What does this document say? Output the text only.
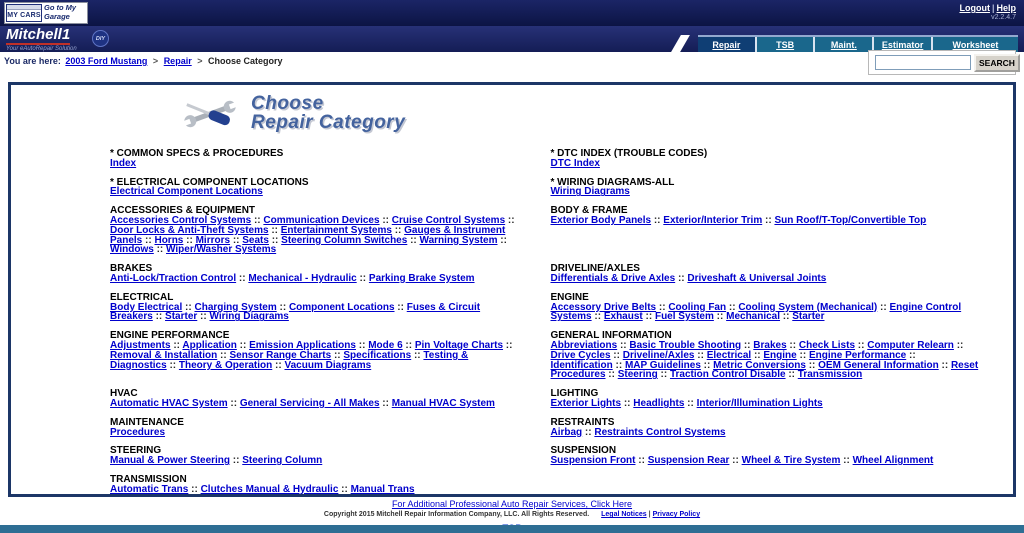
MY CARS
Go to My Garage
Logout | Help
v2.2.4.7
Mitchell1
Your eAutoRepair Solution
DIY
Repair	TSB	Maint.	Estimator	Worksheet
You are here: 2003 Ford Mustang > Repair > Choose Category	SEARCH
Choose
Repair Category
* COMMON SPECS & PROCEDURES
Index
* DTC INDEX (TROUBLE CODES)
DTC Index
* ELECTRICAL COMPONENT LOCATIONS
Electrical Component Locations
* WIRING DIAGRAMS-ALL
Wiring Diagrams
ACCESSORIES & EQUIPMENT
Accessories Control Systems :: Communication Devices :: Cruise Control Systems :: Door Locks & Anti-Theft Systems :: Entertainment Systems :: Gauges & Instrument Panels :: Horns :: Mirrors :: Seats :: Steering Column Switches :: Warning System :: Windows :: Wiper/Washer Systems
BODY & FRAME
Exterior Body Panels :: Exterior/Interior Trim :: Sun Roof/T-Top/Convertible Top
BRAKES
Anti-Lock/Traction Control :: Mechanical - Hydraulic :: Parking Brake System
DRIVELINE/AXLES
Differentials & Drive Axles :: Driveshaft & Universal Joints
ELECTRICAL
Body Electrical :: Charging System :: Component Locations :: Fuses & Circuit Breakers :: Starter :: Wiring Diagrams
ENGINE
Accessory Drive Belts :: Cooling Fan :: Cooling System (Mechanical) :: Engine Control Systems :: Exhaust :: Fuel System :: Mechanical :: Starter
ENGINE PERFORMANCE
Adjustments :: Application :: Emission Applications :: Mode 6 :: Pin Voltage Charts :: Removal & Installation :: Sensor Range Charts :: Specifications :: Testing & Diagnostics :: Theory & Operation :: Vacuum Diagrams
GENERAL INFORMATION
Abbreviations :: Basic Trouble Shooting :: Brakes :: Check Lists :: Computer Relearn :: Drive Cycles :: Driveline/Axles :: Electrical :: Engine :: Engine Performance :: Identification :: MAP Guidelines :: Metric Conversions :: OEM General Information :: Reset Procedures :: Steering :: Traction Control Disable :: Transmission
HVAC
Automatic HVAC System :: General Servicing - All Makes :: Manual HVAC System
LIGHTING
Exterior Lights :: Headlights :: Interior/Illumination Lights
MAINTENANCE
Procedures
RESTRAINTS
Airbag :: Restraints Control Systems
STEERING
Manual & Power Steering :: Steering Column
SUSPENSION
Suspension Front :: Suspension Rear :: Wheel & Tire System :: Wheel Alignment
TRANSMISSION
Automatic Trans :: Clutches Manual & Hydraulic :: Manual Trans
For Additional Professional Auto Repair Services, Click Here
Copyright 2015 Mitchell Repair Information Company, LLC. All Rights Reserved. Legal Notices | Privacy Policy
